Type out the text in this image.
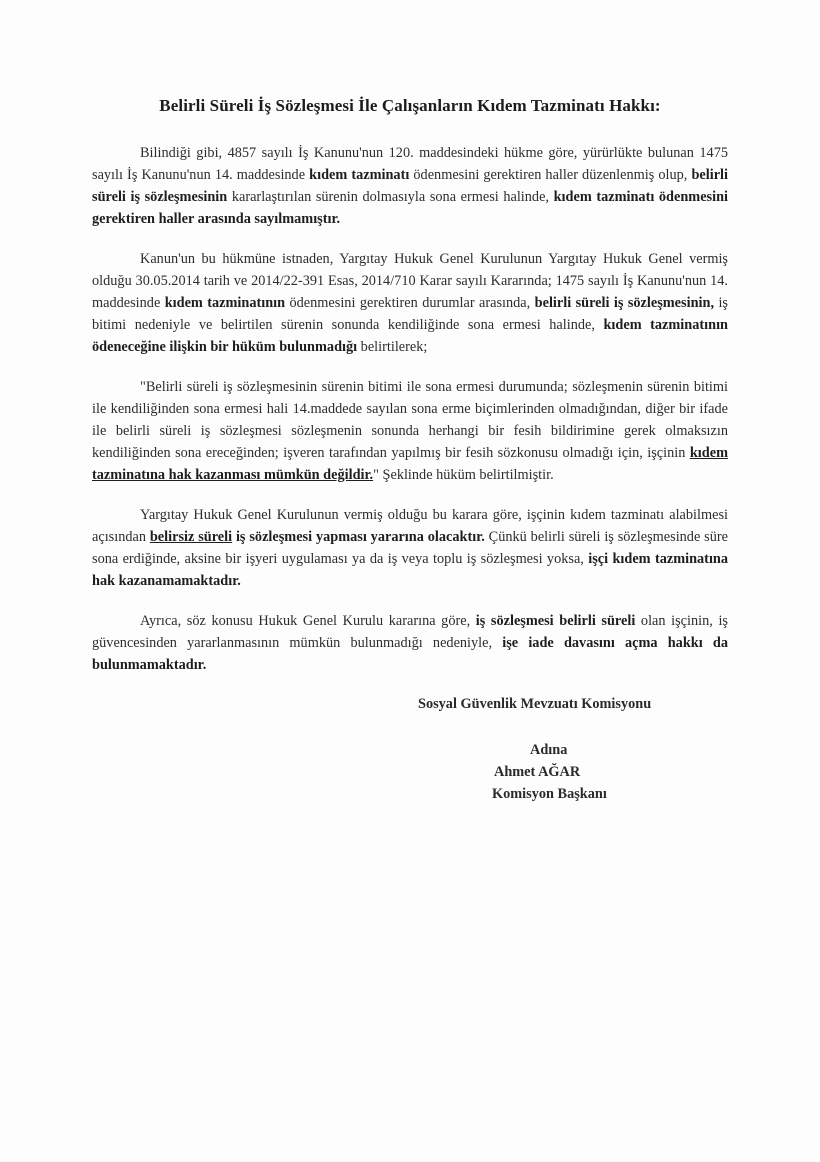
Belirli Süreli İş Sözleşmesi İle Çalışanların Kıdem Tazminatı Hakkı:

Bilindiği gibi, 4857 sayılı İş Kanunu'nun 120. maddesindeki hükme göre, yürürlükte bulunan 1475 sayılı İş Kanunu'nun 14. maddesinde kıdem tazminatı ödenmesini gerektiren haller düzenlenmiş olup, belirli süreli iş sözleşmesinin kararlaştırılan sürenin dolmasıyla sona ermesi halinde, kıdem tazminatı ödenmesini gerektiren haller arasında sayılmamıştır.

Kanun'un bu hükmüne istnaden, Yargıtay Hukuk Genel Kurulunun Yargıtay Hukuk Genel vermiş olduğu 30.05.2014 tarih ve 2014/22-391 Esas, 2014/710 Karar sayılı Kararında; 1475 sayılı İş Kanunu'nun 14. maddesinde kıdem tazminatının ödenmesini gerektiren durumlar arasında, belirli süreli iş sözleşmesinin, iş bitimi nedeniyle ve belirtilen sürenin sonunda kendiliğinde sona ermesi halinde, kıdem tazminatının ödeneceğine ilişkin bir hüküm bulunmadığı belirtilerek;

"Belirli süreli iş sözleşmesinin sürenin bitimi ile sona ermesi durumunda; sözleşmenin sürenin bitimi ile kendiliğinden sona ermesi hali 14.maddede sayılan sona erme biçimlerinden olmadığından, diğer bir ifade ile belirli süreli iş sözleşmesi sözleşmenin sonunda herhangi bir fesih bildirimine gerek olmaksızın kendiliğinden sona ereceğinden; işveren tarafından yapılmış bir fesih sözkonusu olmadığı için, işçinin kıdem tazminatına hak kazanması mümkün değildir." Şeklinde hüküm belirtilmiştir.

Yargıtay Hukuk Genel Kurulunun vermiş olduğu bu karara göre, işçinin kıdem tazminatı alabilmesi açısından belirsiz süreli iş sözleşmesi yapması yararına olacaktır. Çünkü belirli süreli iş sözleşmesinde süre sona erdiğinde, aksine bir işyeri uygulaması ya da iş veya toplu iş sözleşmesi yoksa, işçi kıdem tazminatına hak kazanamamaktadır.

Ayrıca, söz konusu Hukuk Genel Kurulu kararına göre, iş sözleşmesi belirli süreli olan işçinin, iş güvencesinden yararlanmasının mümkün bulunmadığı nedeniyle, işe iade davasını açma hakkı da bulunmamaktadır.

Sosyal Güvenlik Mevzuatı Komisyonu
Adına
Ahmet AĞAR
Komisyon Başkanı
